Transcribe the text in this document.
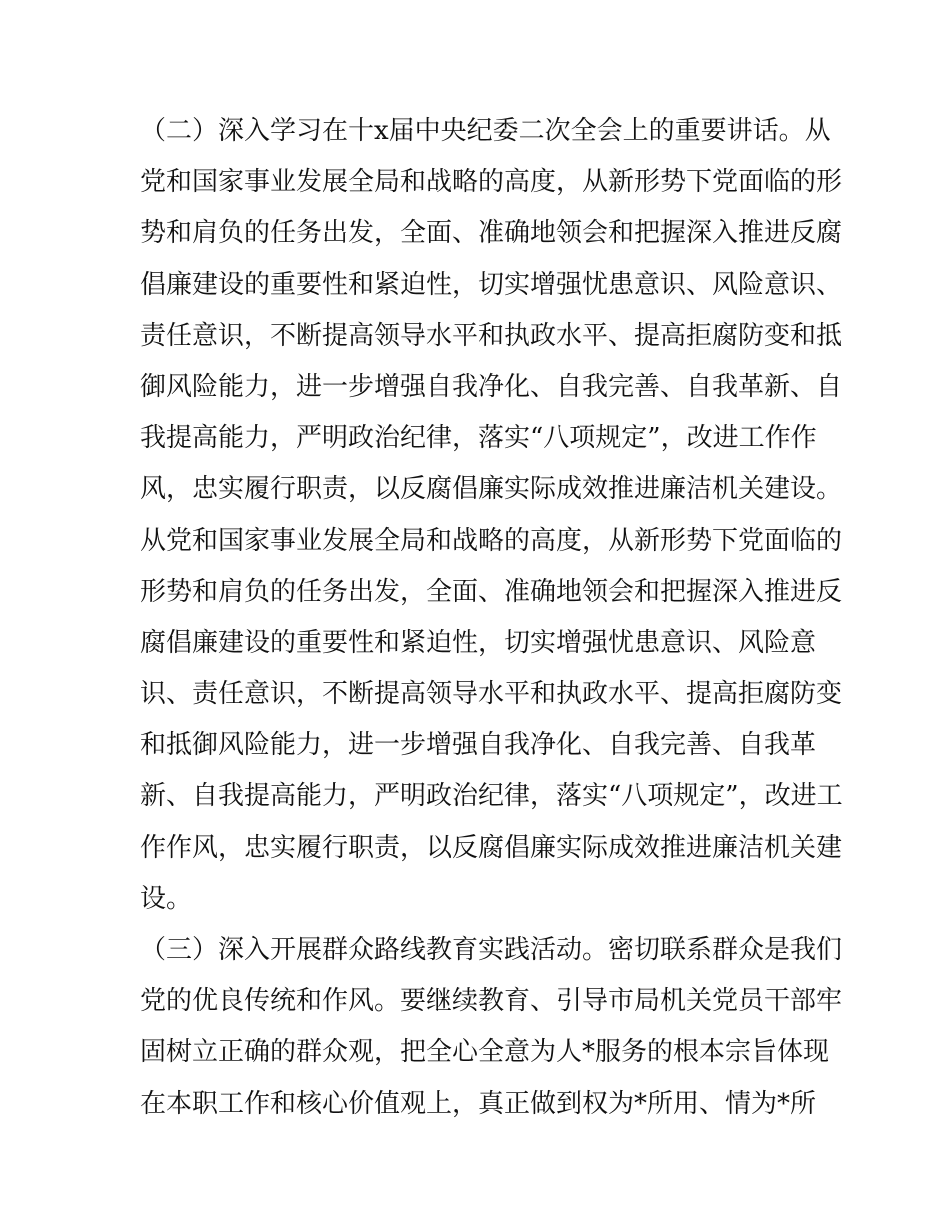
（二）深入学习在十x届中央纪委二次全会上的重要讲话。从
党和国家事业发展全局和战略的高度，从新形势下党面临的形
势和肩负的任务出发，全面、准确地领会和把握深入推进反腐
倡廉建设的重要性和紧迫性，切实增强忧患意识、风险意识、
责任意识，不断提高领导水平和执政水平、提高拒腐防变和抵
御风险能力，进一步增强自我净化、自我完善、自我革新、自
我提高能力，严明政治纪律，落实“八项规定”，改进工作作
风，忠实履行职责，以反腐倡廉实际成效推进廉洁机关建设。
从党和国家事业发展全局和战略的高度，从新形势下党面临的
形势和肩负的任务出发，全面、准确地领会和把握深入推进反
腐倡廉建设的重要性和紧迫性，切实增强忧患意识、风险意
识、责任意识，不断提高领导水平和执政水平、提高拒腐防变
和抵御风险能力，进一步增强自我净化、自我完善、自我革
新、自我提高能力，严明政治纪律，落实“八项规定”，改进工
作作风，忠实履行职责，以反腐倡廉实际成效推进廉洁机关建
设。
（三）深入开展群众路线教育实践活动。密切联系群众是我们
党的优良传统和作风。要继续教育、引导市局机关党员干部牢
固树立正确的群众观，把全心全意为人*服务的根本宗旨体现
在本职工作和核心价值观上，真正做到权为*所用、情为*所
